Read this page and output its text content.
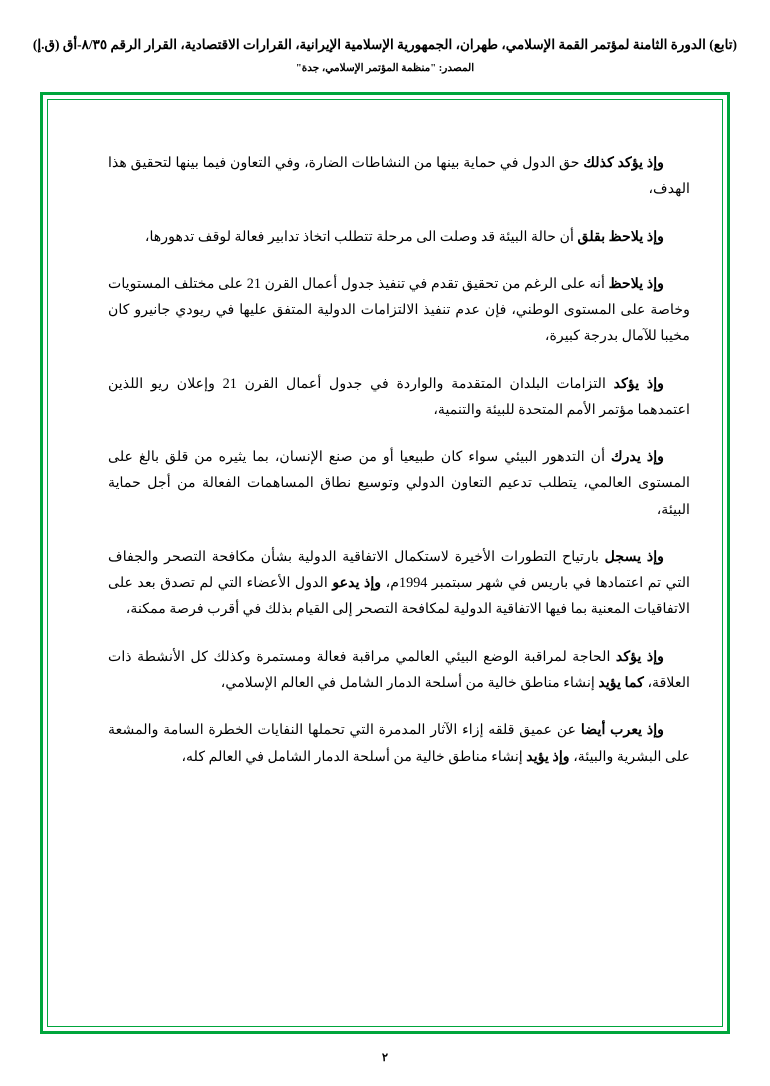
(تابع) الدورة الثامنة لمؤتمر القمة الإسلامي، طهران، الجمهورية الإسلامية الإيرانية، القرارات الاقتصادية، القرار الرقم ٨/٣٥-أق (ق.إ)
المصدر: "منظمة المؤتمر الإسلامي، جدة"

وإذ يؤكد كذلك حق الدول في حماية بينها من النشاطات الضارة، وفي التعاون فيما بينها لتحقيق هذا الهدف،

وإذ يلاحظ بقلق أن حالة البيئة قد وصلت الى مرحلة تتطلب اتخاذ تدابير فعالة لوقف تدهورها،

وإذ يلاحظ أنه على الرغم من تحقيق تقدم في تنفيذ جدول أعمال القرن 21 على مختلف المستويات وخاصة على المستوى الوطني، فإن عدم تنفيذ الالتزامات الدولية المتفق عليها في ريودي جانيرو كان مخيبا للآمال بدرجة كبيرة،

وإذ يؤكد التزامات البلدان المتقدمة والواردة في جدول أعمال القرن 21 وإعلان ريو اللذين اعتمدهما مؤتمر الأمم المتحدة للبيئة والتنمية،

وإذ يدرك أن التدهور البيئي سواء كان طبيعيا أو من صنع الإنسان، بما يثيره من قلق بالغ على المستوى العالمي، يتطلب تدعيم التعاون الدولي وتوسيع نطاق المساهمات الفعالة من أجل حماية البيئة،

وإذ يسجل بارتياح التطورات الأخيرة لاستكمال الاتفاقية الدولية بشأن مكافحة التصحر والجفاف التي تم اعتمادها في باريس في شهر سبتمبر 1994م، وإذ يدعو الدول الأعضاء التي لم تصدق بعد على الاتفاقيات المعنية بما فيها الاتفاقية الدولية لمكافحة التصحر إلى القيام بذلك في أقرب فرصة ممكنة،

وإذ يؤكد الحاجة لمراقبة الوضع البيئي العالمي مراقبة فعالة ومستمرة وكذلك كل الأنشطة ذات العلاقة، كما يؤيد إنشاء مناطق خالية من أسلحة الدمار الشامل في العالم الإسلامي،

وإذ يعرب أيضا عن عميق قلقه إزاء الآثار المدمرة التي تحملها النفايات الخطرة السامة والمشعة على البشرية والبيئة، وإذ يؤيد إنشاء مناطق خالية من أسلحة الدمار الشامل في العالم كله،

٢
